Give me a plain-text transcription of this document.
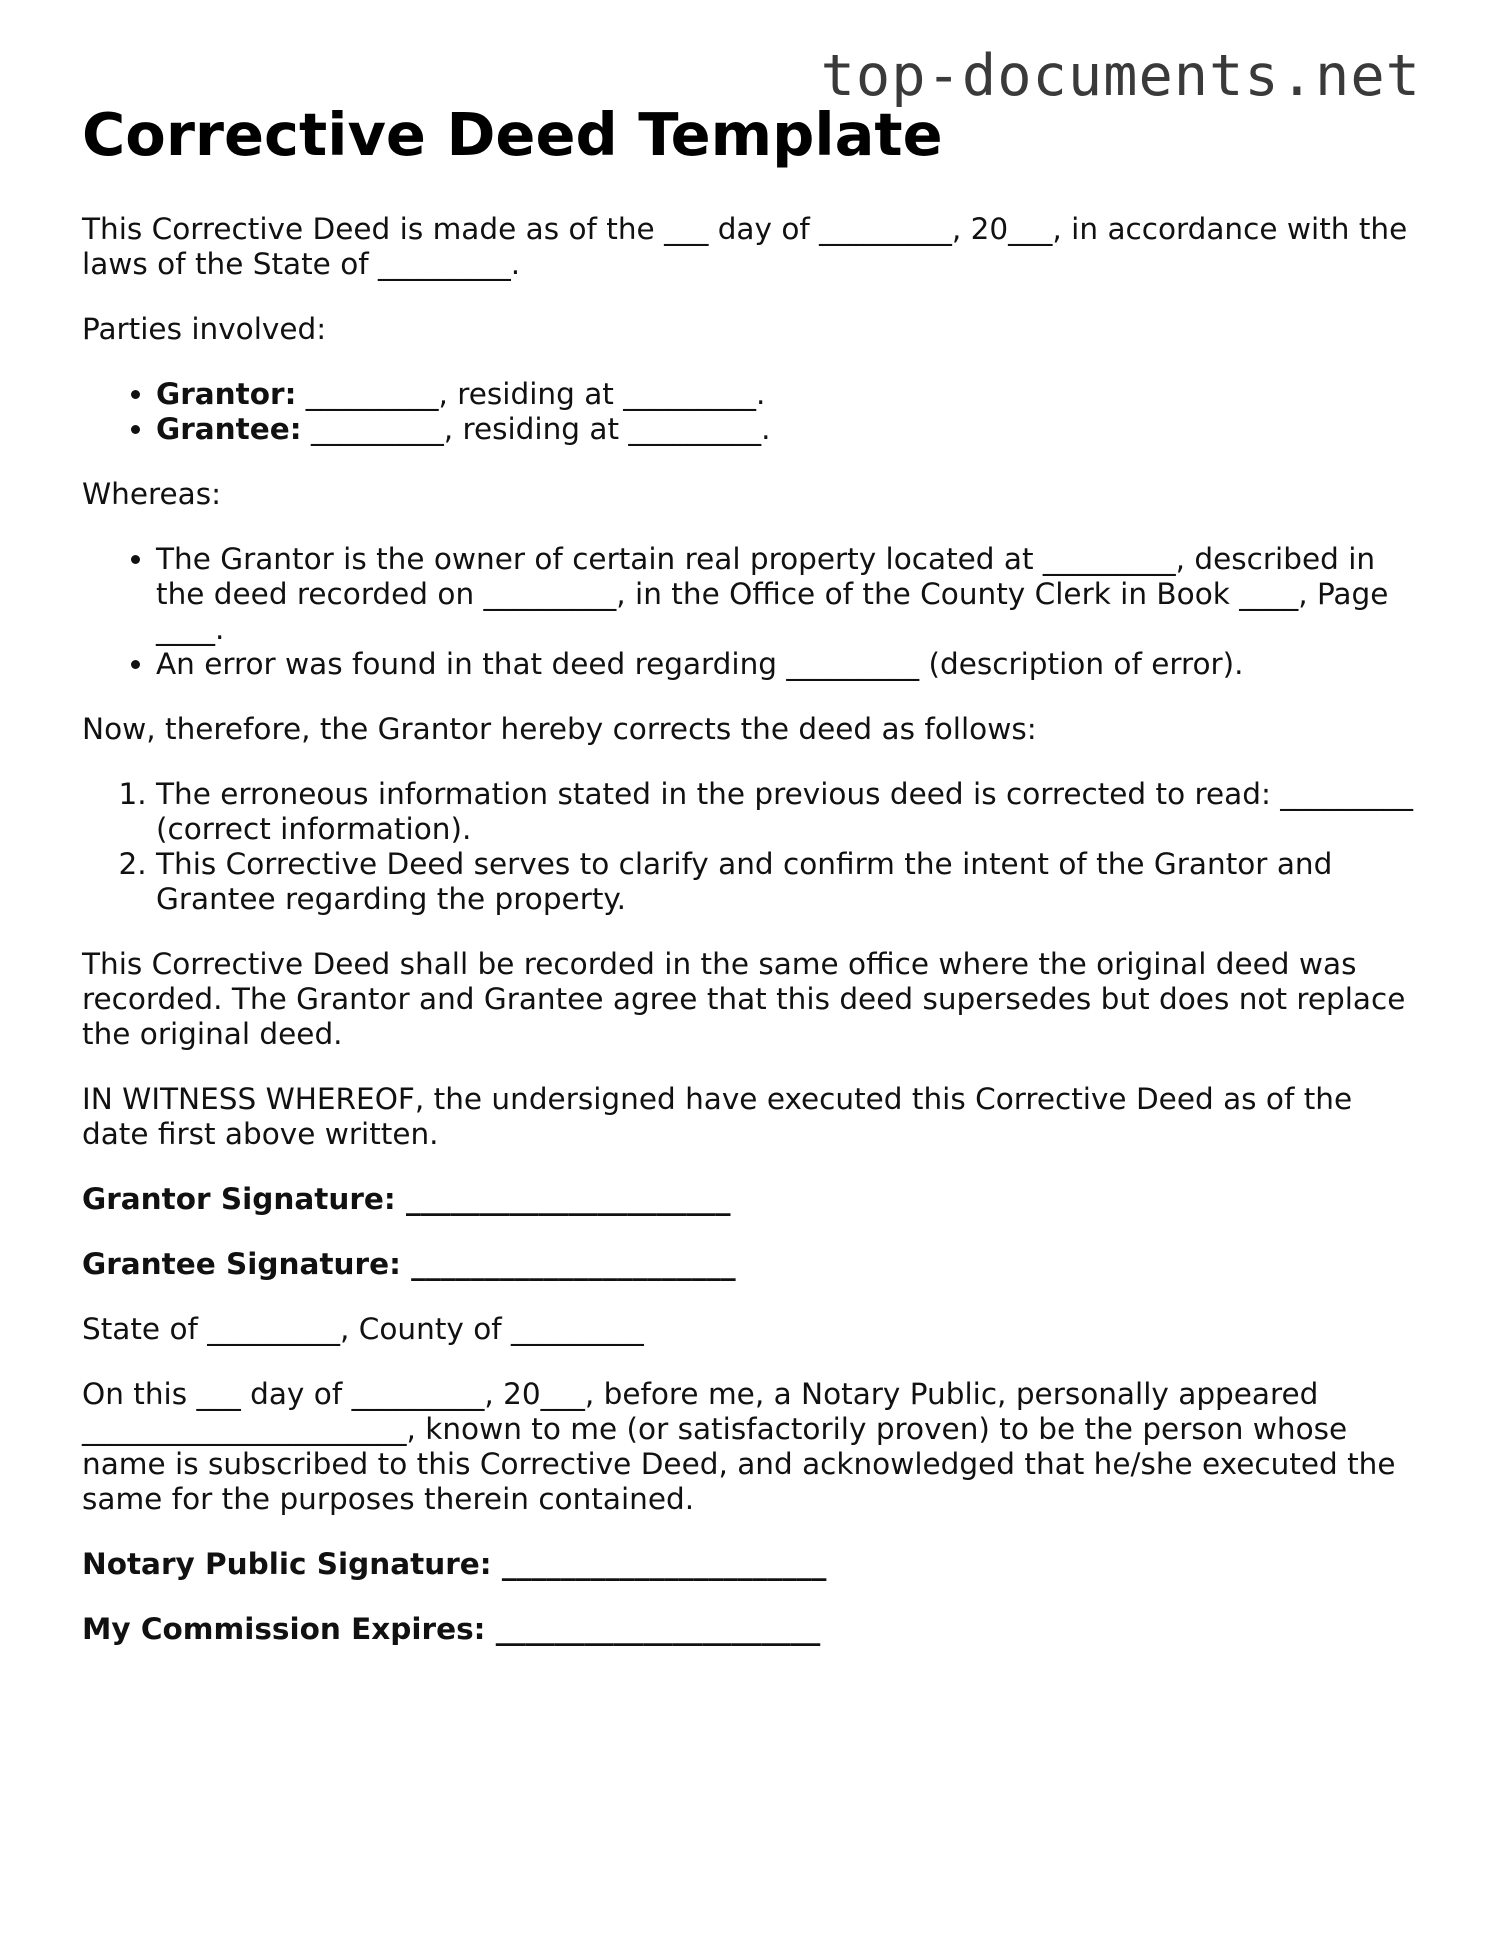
top-documents.net
Corrective Deed Template

This Corrective Deed is made as of the ___ day of _________, 20___, in accordance with the laws of the State of _________.

Parties involved:

• Grantor: _________, residing at _________.
• Grantee: _________, residing at _________.

Whereas:

• The Grantor is the owner of certain real property located at _________, described in the deed recorded on _________, in the Office of the County Clerk in Book ____, Page ____.
• An error was found in that deed regarding _________ (description of error).

Now, therefore, the Grantor hereby corrects the deed as follows:

1. The erroneous information stated in the previous deed is corrected to read: _________ (correct information).
2. This Corrective Deed serves to clarify and confirm the intent of the Grantor and Grantee regarding the property.

This Corrective Deed shall be recorded in the same office where the original deed was recorded. The Grantor and Grantee agree that this deed supersedes but does not replace the original deed.

IN WITNESS WHEREOF, the undersigned have executed this Corrective Deed as of the date first above written.

Grantor Signature: ______________________

Grantee Signature: ______________________

State of _________, County of _________

On this ___ day of _________, 20___, before me, a Notary Public, personally appeared ______________________, known to me (or satisfactorily proven) to be the person whose name is subscribed to this Corrective Deed, and acknowledged that he/she executed the same for the purposes therein contained.

Notary Public Signature: ______________________

My Commission Expires: ______________________
